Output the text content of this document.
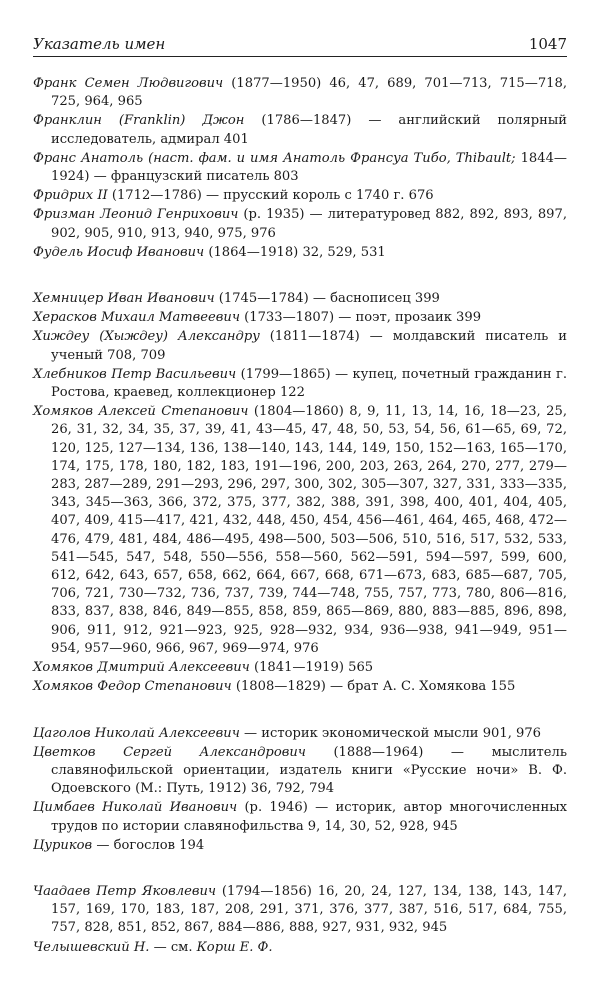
Указатель имен	1047

Франк Семен Людвигович (1877—1950) 46, 47, 689, 701—713, 715—718, 725, 964, 965

Франклин (Franklin) Джон (1786—1847) — английский полярный исследователь, адмирал 401

Франс Анатоль (наст. фам. и имя Анатоль Франсуа Тибо, Thibault; 1844—1924) — французский писатель 803

Фридрих II (1712—1786) — прусский король с 1740 г. 676

Фризман Леонид Генрихович (р. 1935) — литературовед 882, 892, 893, 897, 902, 905, 910, 913, 940, 975, 976

Фудель Иосиф Иванович (1864—1918) 32, 529, 531

Хемницер Иван Иванович (1745—1784) — баснописец 399

Херасков Михаил Матвеевич (1733—1807) — поэт, прозаик 399

Хиждеу (Хыждеу) Александру (1811—1874) — молдавский писатель и ученый 708, 709

Хлебников Петр Васильевич (1799—1865) — купец, почетный гражданин г. Ростова, краевед, коллекционер 122

Хомяков Алексей Степанович (1804—1860) 8, 9, 11, 13, 14, 16, 18—23, 25, 26, 31, 32, 34, 35, 37, 39, 41, 43—45, 47, 48, 50, 53, 54, 56, 61—65, 69, 72, 120, 125, 127—134, 136, 138—140, 143, 144, 149, 150, 152—163, 165—170, 174, 175, 178, 180, 182, 183, 191—196, 200, 203, 263, 264, 270, 277, 279—283, 287—289, 291—293, 296, 297, 300, 302, 305—307, 327, 331, 333—335, 343, 345—363, 366, 372, 375, 377, 382, 388, 391, 398, 400, 401, 404, 405, 407, 409, 415—417, 421, 432, 448, 450, 454, 456—461, 464, 465, 468, 472—476, 479, 481, 484, 486—495, 498—500, 503—506, 510, 516, 517, 532, 533, 541—545, 547, 548, 550—556, 558—560, 562—591, 594—597, 599, 600, 612, 642, 643, 657, 658, 662, 664, 667, 668, 671—673, 683, 685—687, 705, 706, 721, 730—732, 736, 737, 739, 744—748, 755, 757, 773, 780, 806—816, 833, 837, 838, 846, 849—855, 858, 859, 865—869, 880, 883—885, 896, 898, 906, 911, 912, 921—923, 925, 928—932, 934, 936—938, 941—949, 951—954, 957—960, 966, 967, 969—974, 976

Хомяков Дмитрий Алексеевич (1841—1919) 565

Хомяков Федор Степанович (1808—1829) — брат А. С. Хомякова 155

Цаголов Николай Алексеевич — историк экономической мысли 901, 976

Цветков Сергей Александрович (1888—1964) — мыслитель славянофильской ориентации, издатель книги «Русские ночи» В. Ф. Одоевского (М.: Путь, 1912) 36, 792, 794

Цимбаев Николай Иванович (р. 1946) — историк, автор многочисленных трудов по истории славянофильства 9, 14, 30, 52, 928, 945

Цуриков — богослов 194

Чаадаев Петр Яковлевич (1794—1856) 16, 20, 24, 127, 134, 138, 143, 147, 157, 169, 170, 183, 187, 208, 291, 371, 376, 377, 387, 516, 517, 684, 755, 757, 828, 851, 852, 867, 884—886, 888, 927, 931, 932, 945

Челышевский Н. — см. Корш Е. Ф.
